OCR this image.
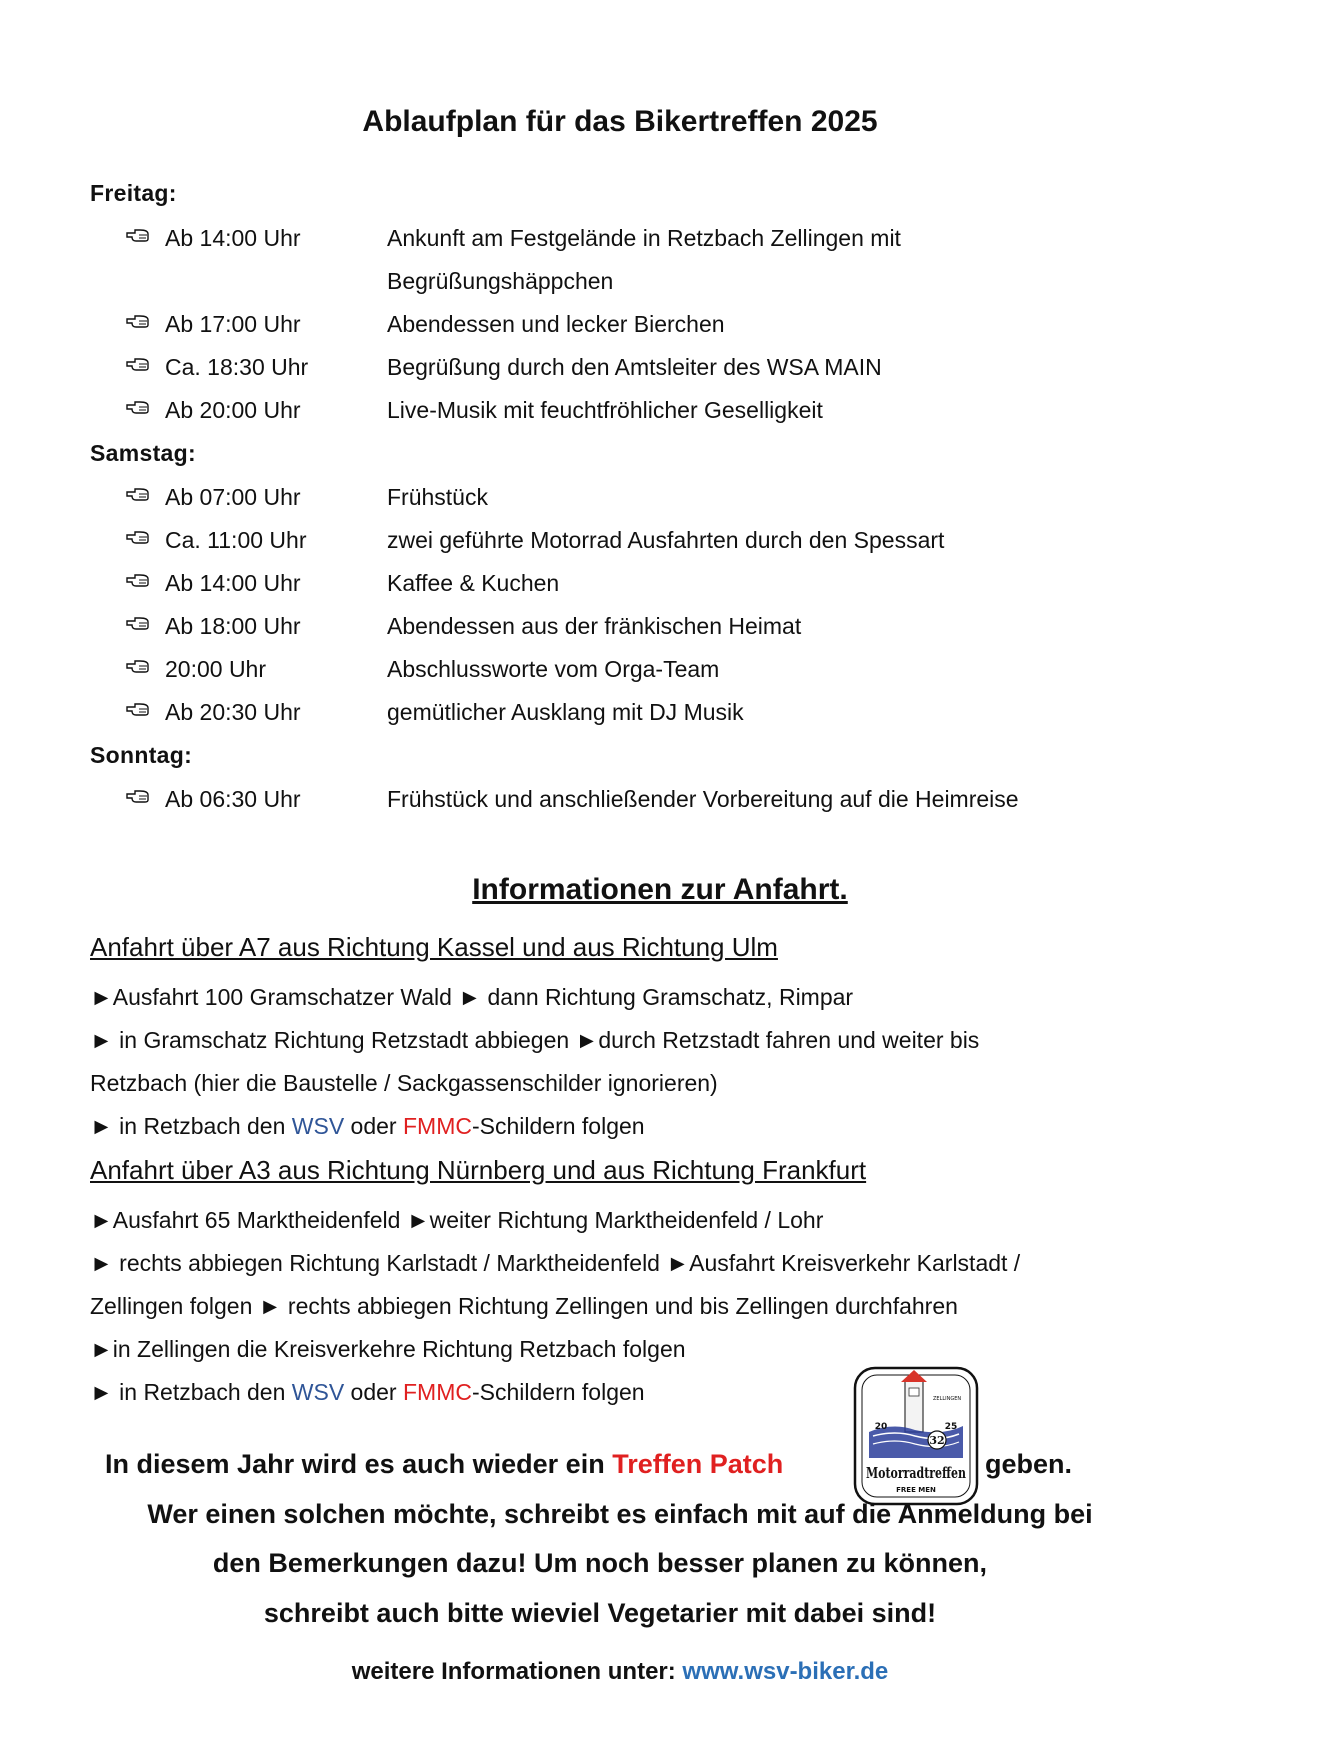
Ablaufplan für das Bikertreffen 2025
Freitag:
Ab 14:00 Uhr	Ankunft am Festgelände in Retzbach Zellingen mit
Begrüßungshäppchen
Ab 17:00 Uhr	Abendessen und lecker Bierchen
Ca. 18:30 Uhr	Begrüßung durch den Amtsleiter des WSA MAIN
Ab 20:00 Uhr	Live-Musik mit feuchtfröhlicher Geselligkeit
Samstag:
Ab 07:00 Uhr	Frühstück
Ca. 11:00 Uhr	zwei geführte Motorrad Ausfahrten durch den Spessart
Ab 14:00 Uhr	Kaffee & Kuchen
Ab 18:00 Uhr	Abendessen aus der fränkischen Heimat
20:00 Uhr	Abschlussworte vom Orga-Team
Ab 20:30 Uhr	gemütlicher Ausklang mit DJ Musik
Sonntag:
Ab 06:30 Uhr	Frühstück und anschließender Vorbereitung auf die Heimreise
Informationen zur Anfahrt.
Anfahrt über A7 aus Richtung Kassel und aus Richtung Ulm
►Ausfahrt 100 Gramschatzer Wald ► dann Richtung Gramschatz, Rimpar
► in Gramschatz Richtung Retzstadt abbiegen ►durch Retzstadt fahren und weiter bis
Retzbach (hier die Baustelle / Sackgassenschilder ignorieren)
► in Retzbach den WSV oder FMMC-Schildern folgen
Anfahrt über A3 aus Richtung Nürnberg und aus Richtung Frankfurt
►Ausfahrt 65 Marktheidenfeld ►weiter Richtung Marktheidenfeld / Lohr
► rechts abbiegen Richtung Karlstadt / Marktheidenfeld ►Ausfahrt Kreisverkehr Karlstadt /
Zellingen folgen ► rechts abbiegen Richtung Zellingen und bis Zellingen durchfahren
►in Zellingen die Kreisverkehre Richtung Retzbach folgen
► in Retzbach den WSV oder FMMC-Schildern folgen
In diesem Jahr wird es auch wieder ein Treffen Patch	geben.
32
20	25
ZELLINGEN
Motorradtreffen
FREE MEN
Wer einen solchen möchte, schreibt es einfach mit auf die Anmeldung bei
den Bemerkungen dazu! Um noch besser planen zu können,
schreibt auch bitte wieviel Vegetarier mit dabei sind!
weitere Informationen unter: www.wsv-biker.de
